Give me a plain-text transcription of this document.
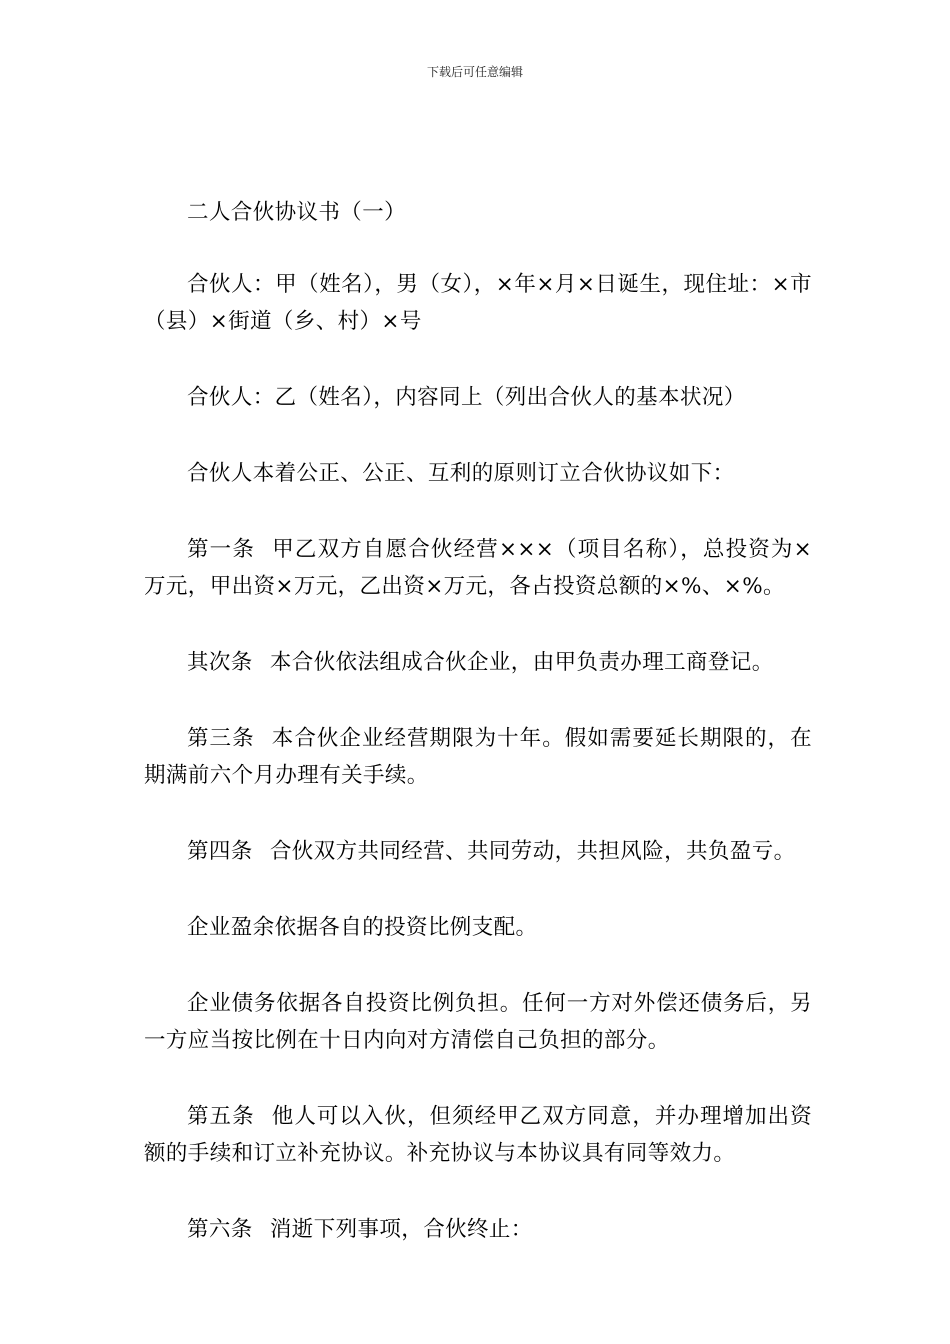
下载后可任意编辑

二人合伙协议书（一）

合伙人：甲（姓名），男（女），×年×月×日诞生，现住址：×市（县）×街道（乡、村）×号

合伙人：乙（姓名），内容同上（列出合伙人的基本状况）

合伙人本着公正、公正、互利的原则订立合伙协议如下：

第一条 甲乙双方自愿合伙经营×××（项目名称），总投资为×万元，甲出资×万元，乙出资×万元，各占投资总额的×%、×%。

其次条 本合伙依法组成合伙企业，由甲负责办理工商登记。

第三条 本合伙企业经营期限为十年。假如需要延长期限的，在期满前六个月办理有关手续。

第四条 合伙双方共同经营、共同劳动，共担风险，共负盈亏。

企业盈余依据各自的投资比例支配。

企业债务依据各自投资比例负担。任何一方对外偿还债务后，另一方应当按比例在十日内向对方清偿自己负担的部分。

第五条 他人可以入伙，但须经甲乙双方同意，并办理增加出资额的手续和订立补充协议。补充协议与本协议具有同等效力。

第六条 消逝下列事项，合伙终止：
